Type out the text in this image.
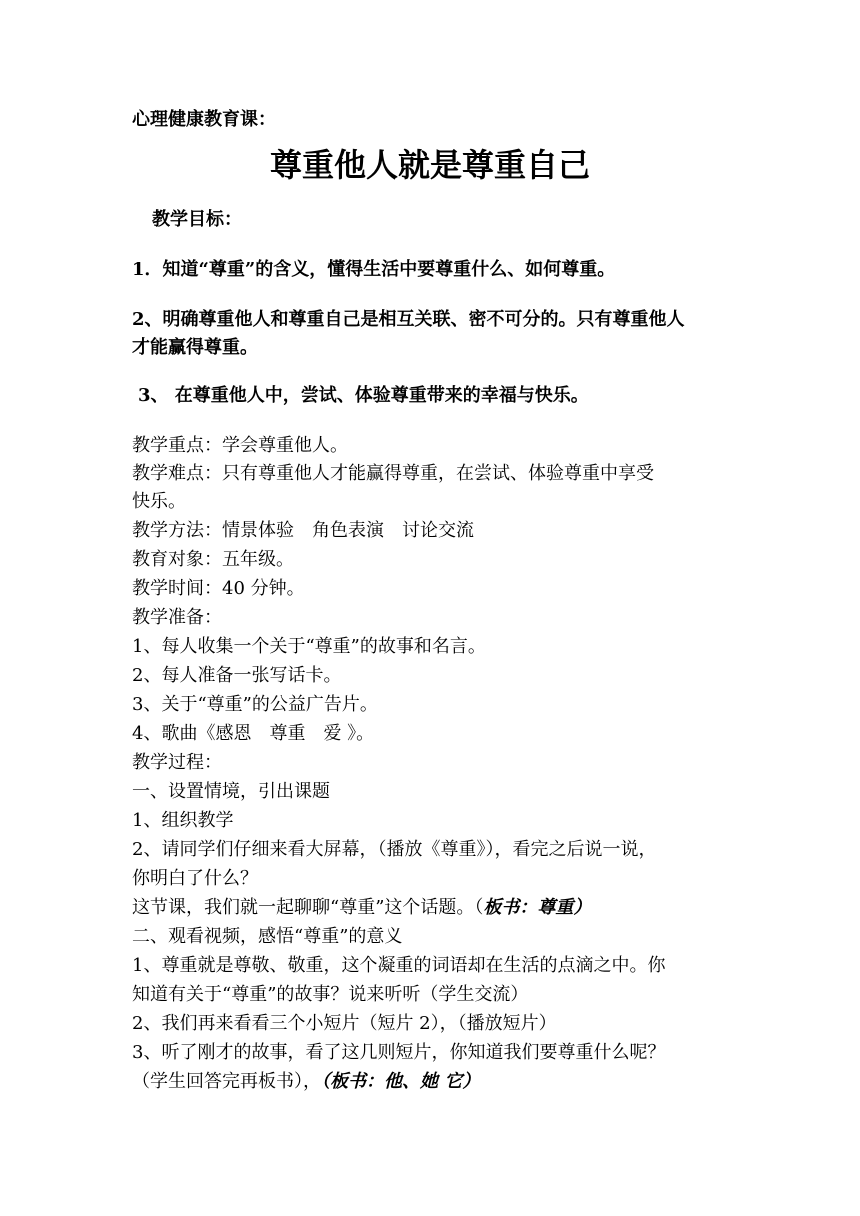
心理健康教育课：
尊重他人就是尊重自己
教学目标：
1．知道“尊重”的含义，懂得生活中要尊重什么、如何尊重。
2、明确尊重他人和尊重自己是相互关联、密不可分的。只有尊重他人
才能赢得尊重。
3、 在尊重他人中，尝试、体验尊重带来的幸福与快乐。
教学重点：学会尊重他人。
教学难点：只有尊重他人才能赢得尊重，在尝试、体验尊重中享受
快乐。
教学方法：情景体验　角色表演　讨论交流
教育对象：五年级。
教学时间：40 分钟。
教学准备：
1、每人收集一个关于“尊重”的故事和名言。
2、每人准备一张写话卡。
3、关于“尊重”的公益广告片。
4、歌曲《感恩　尊重　爱 》。
教学过程：
一、设置情境，引出课题
1、组织教学
2、请同学们仔细来看大屏幕，（播放《尊重》），看完之后说一说，
你明白了什么？
这节课，我们就一起聊聊“尊重”这个话题。（板书：尊重）
二、观看视频，感悟“尊重”的意义
1、尊重就是尊敬、敬重，这个凝重的词语却在生活的点滴之中。你
知道有关于“尊重”的故事？说来听听（学生交流）
2、我们再来看看三个小短片（短片 2），（播放短片）
3、听了刚才的故事，看了这几则短片，你知道我们要尊重什么呢？
（学生回答完再板书），（板书：他、她 它）
